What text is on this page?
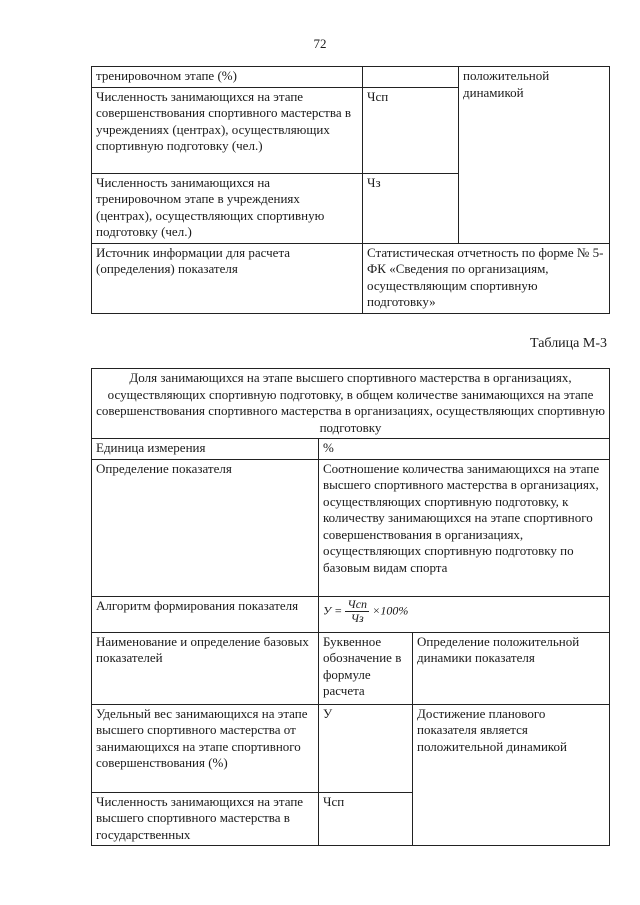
72
тренировочном этапе (%)		положительной динамикой
Численность занимающихся на этапе совершенствования спортивного мастерства в учреждениях (центрах), осуществляющих спортивную подготовку (чел.)	Чсп	
Численность занимающихся на тренировочном этапе в учреждениях (центрах), осуществляющих спортивную подготовку (чел.)	Чз	
Источник информации для расчета (определения) показателя	Статистическая отчетность по форме № 5-ФК «Сведения по организациям, осуществляющим спортивную подготовку»	
Таблица М-3
Доля занимающихся на этапе высшего спортивного мастерства в организациях, осуществляющих спортивную подготовку, в общем количестве занимающихся на этапе совершенствования спортивного мастерства в организациях, осуществляющих спортивную подготовку		
Единица измерения	%	
Определение показателя	Соотношение количества занимающихся на этапе высшего спортивного мастерства в организациях, осуществляющих спортивную подготовку, к количеству занимающихся на этапе спортивного совершенствования в организациях, осуществляющих спортивную подготовку по базовым видам спорта	
Алгоритм формирования показателя	$У = \frac{\text{Чсп}}{Чз} \times 100\%$	
Наименование и определение базовых показателей	Буквенное обозначение в формуле расчета	Определение положительной динамики показателя
Удельный вес занимающихся на этапе высшего спортивного мастерства от занимающихся на этапе спортивного совершенствования (%)	У	Достижение планового показателя является положительной динамикой
Численность занимающихся на этапе высшего спортивного мастерства в государственных	Чсп	
